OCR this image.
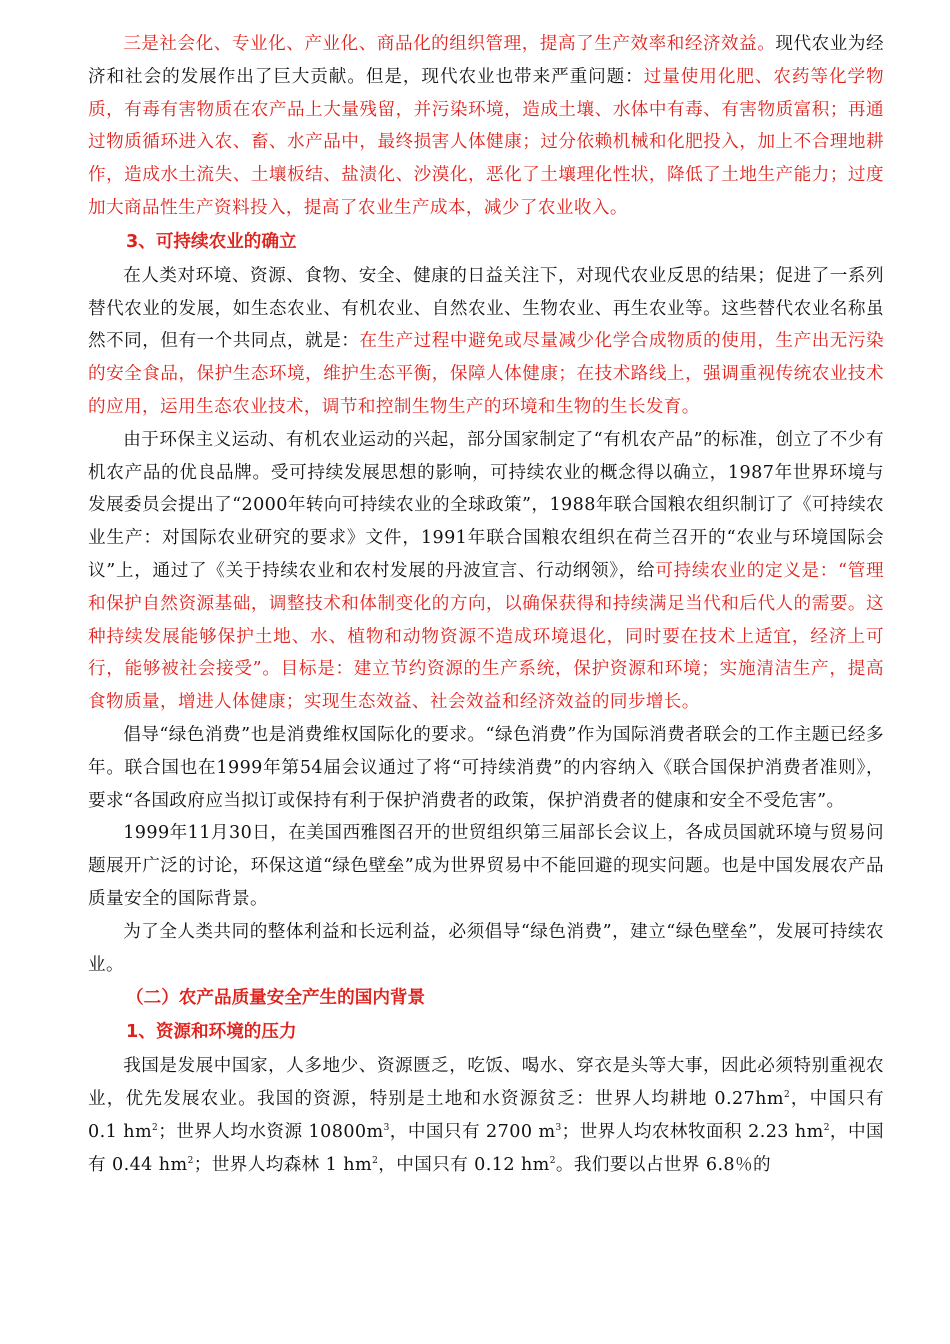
三是社会化、专业化、产业化、商品化的组织管理，提高了生产效率和经济效益。现代农业为经济和社会的发展作出了巨大贡献。但是，现代农业也带来严重问题：过量使用化肥、农药等化学物质，有毒有害物质在农产品上大量残留，并污染环境，造成土壤、水体中有毒、有害物质富积；再通过物质循环进入农、畜、水产品中，最终损害人体健康；过分依赖机械和化肥投入，加上不合理地耕作，造成水土流失、土壤板结、盐渍化、沙漠化，恶化了土壤理化性状，降低了土地生产能力；过度加大商品性生产资料投入，提高了农业生产成本，减少了农业收入。

3、可持续农业的确立

在人类对环境、资源、食物、安全、健康的日益关注下，对现代农业反思的结果；促进了一系列替代农业的发展，如生态农业、有机农业、自然农业、生物农业、再生农业等。这些替代农业名称虽然不同，但有一个共同点，就是：在生产过程中避免或尽量减少化学合成物质的使用，生产出无污染的安全食品，保护生态环境，维护生态平衡，保障人体健康；在技术路线上，强调重视传统农业技术的应用，运用生态农业技术，调节和控制生物生产的环境和生物的生长发育。

由于环保主义运动、有机农业运动的兴起，部分国家制定了“有机农产品”的标准，创立了不少有机农产品的优良品牌。受可持续发展思想的影响，可持续农业的概念得以确立，1987年世界环境与发展委员会提出了“2000年转向可持续农业的全球政策”，1988年联合国粮农组织制订了《可持续农业生产：对国际农业研究的要求》文件，1991年联合国粮农组织在荷兰召开的“农业与环境国际会议”上，通过了《关于持续农业和农村发展的丹波宣言、行动纲领》，给可持续农业的定义是：“管理和保护自然资源基础，调整技术和体制变化的方向，以确保获得和持续满足当代和后代人的需要。这种持续发展能够保护土地、水、植物和动物资源不造成环境退化，同时要在技术上适宜，经济上可行，能够被社会接受”。目标是：建立节约资源的生产系统，保护资源和环境；实施清洁生产，提高食物质量，增进人体健康；实现生态效益、社会效益和经济效益的同步增长。

倡导“绿色消费”也是消费维权国际化的要求。“绿色消费”作为国际消费者联会的工作主题已经多年。联合国也在1999年第54届会议通过了将“可持续消费”的内容纳入《联合国保护消费者准则》，要求“各国政府应当拟订或保持有利于保护消费者的政策，保护消费者的健康和安全不受危害”。

1999年11月30日，在美国西雅图召开的世贸组织第三届部长会议上，各成员国就环境与贸易问题展开广泛的讨论，环保这道“绿色壁垒”成为世界贸易中不能回避的现实问题。也是中国发展农产品质量安全的国际背景。

为了全人类共同的整体利益和长远利益，必须倡导“绿色消费”，建立“绿色壁垒”，发展可持续农业。

（二）农产品质量安全产生的国内背景
1、资源和环境的压力

我国是发展中国家，人多地少、资源匮乏，吃饭、喝水、穿衣是头等大事，因此必须特别重视农业，优先发展农业。我国的资源，特别是土地和水资源贫乏：世界人均耕地 $0.27hm^2$，中国只有 0.1 $hm^2$；世界人均水资源 $10800m^3$，中国只有 2700 $m^3$；世界人均农林牧面积 2.23 $hm^2$，中国有 0.44 $hm^2$；世界人均森林 1 $hm^2$，中国只有 0.12 $hm^2$。我们要以占世界 6.8％的
